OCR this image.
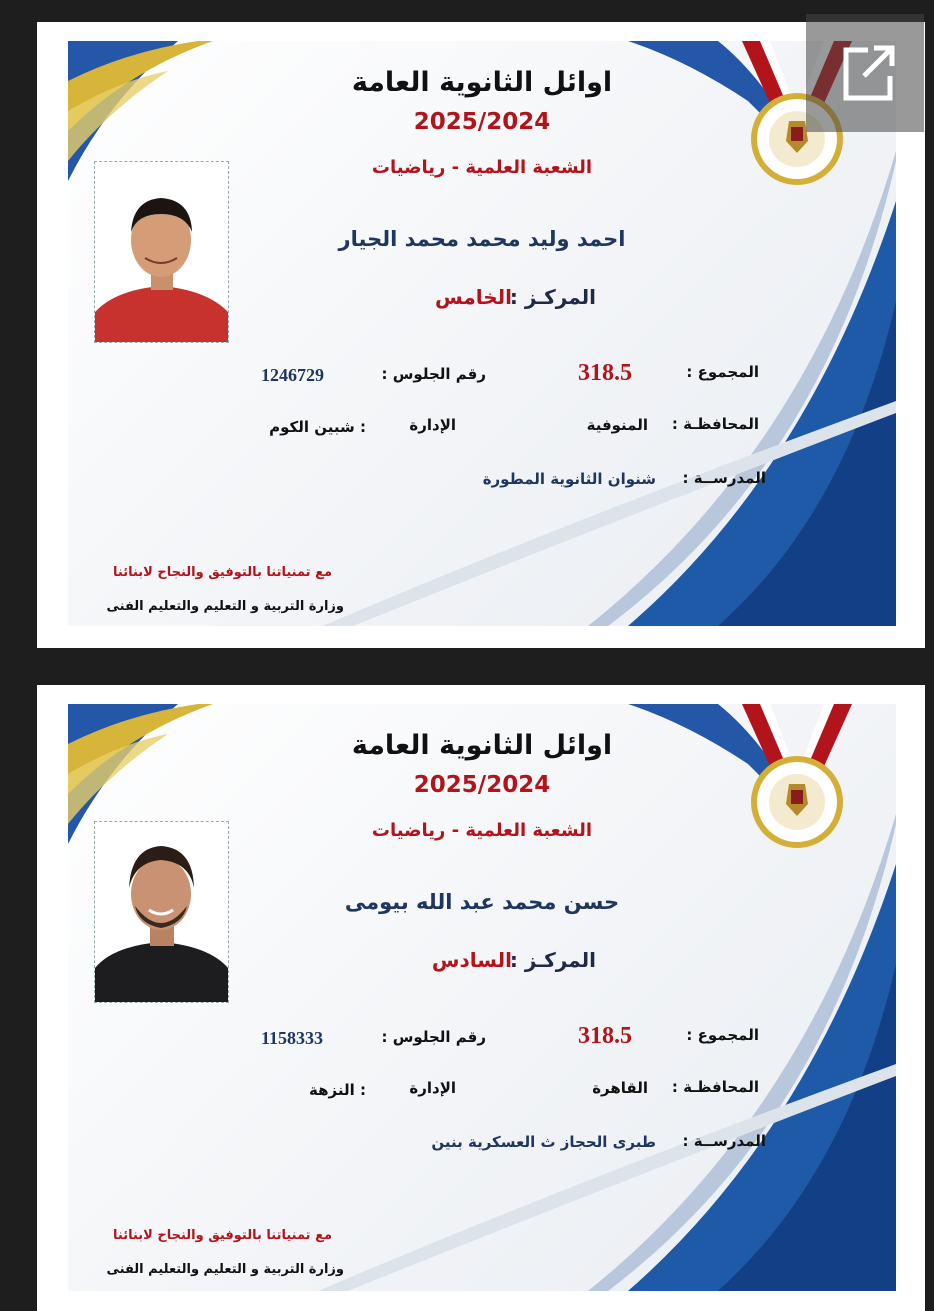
اوائل الثانوية العامة
2025/2024
الشعبة العلمية - رياضيات
احمد وليد محمد محمد الجيار
المركـز :
الخامس
المجموع :
318.5
رقم الجلوس :
1246729
المحافظـة :
المنوفية
الإدارة
: شبين الكوم
المدرســة :
شنوان الثانوية المطورة
مع تمنياتنا بالتوفيق والنجاح لابنائنا
وزارة التربية و التعليم والتعليم الفنى
اوائل الثانوية العامة
2025/2024
الشعبة العلمية - رياضيات
حسن محمد عبد الله بيومى
المركـز :
السادس
المجموع :
318.5
رقم الجلوس :
1158333
المحافظـة :
القاهرة
الإدارة
: النزهة
المدرســة :
طبرى الحجاز ث العسكرية بنين
مع تمنياتنا بالتوفيق والنجاح لابنائنا
وزارة التربية و التعليم والتعليم الفنى
